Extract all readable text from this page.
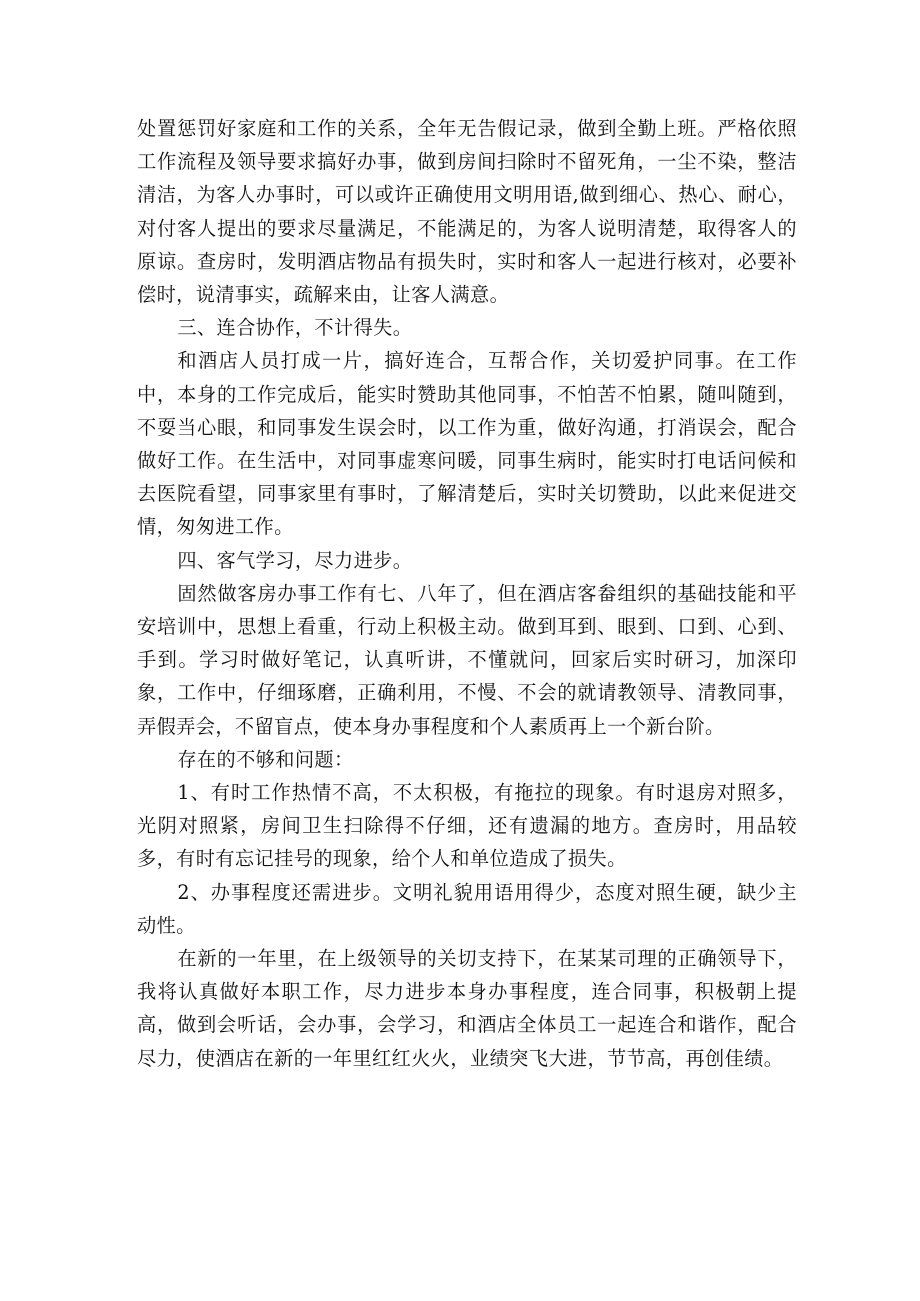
处置惩罚好家庭和工作的关系，全年无告假记录，做到全勤上班。严格依照工作流程及领导要求搞好办事，做到房间扫除时不留死角，一尘不染，整洁清洁，为客人办事时，可以或许正确使用文明用语,做到细心、热心、耐心，对付客人提出的要求尽量满足，不能满足的，为客人说明清楚，取得客人的原谅。查房时，发明酒店物品有损失时，实时和客人一起进行核对，必要补偿时，说清事实，疏解来由，让客人满意。

三、连合协作，不计得失。

和酒店人员打成一片，搞好连合，互帮合作，关切爱护同事。在工作中，本身的工作完成后，能实时赞助其他同事，不怕苦不怕累，随叫随到，不耍当心眼，和同事发生误会时，以工作为重，做好沟通，打消误会，配合做好工作。在生活中，对同事虚寒问暖，同事生病时，能实时打电话问候和去医院看望，同事家里有事时，了解清楚后，实时关切赞助，以此来促进交情，匆匆进工作。

四、客气学习，尽力进步。

固然做客房办事工作有七、八年了，但在酒店客畚组织的基础技能和平安培训中，思想上看重，行动上积极主动。做到耳到、眼到、口到、心到、手到。学习时做好笔记，认真听讲，不懂就问，回家后实时研习，加深印象，工作中，仔细琢磨，正确利用，不慢、不会的就请教领导、清教同事，弄假弄会，不留盲点，使本身办事程度和个人素质再上一个新台阶。

存在的不够和问题：

1、有时工作热情不高，不太积极，有拖拉的现象。有时退房对照多，光阴对照紧，房间卫生扫除得不仔细，还有遗漏的地方。查房时，用品较多，有时有忘记挂号的现象，给个人和单位造成了损失。

2、办事程度还需进步。文明礼貌用语用得少，态度对照生硬，缺少主动性。

在新的一年里，在上级领导的关切支持下，在某某司理的正确领导下，我将认真做好本职工作，尽力进步本身办事程度，连合同事，积极朝上提高，做到会听话，会办事，会学习，和酒店全体员工一起连合和谐作，配合尽力，使酒店在新的一年里红红火火，业绩突飞大进，节节高，再创佳绩。
